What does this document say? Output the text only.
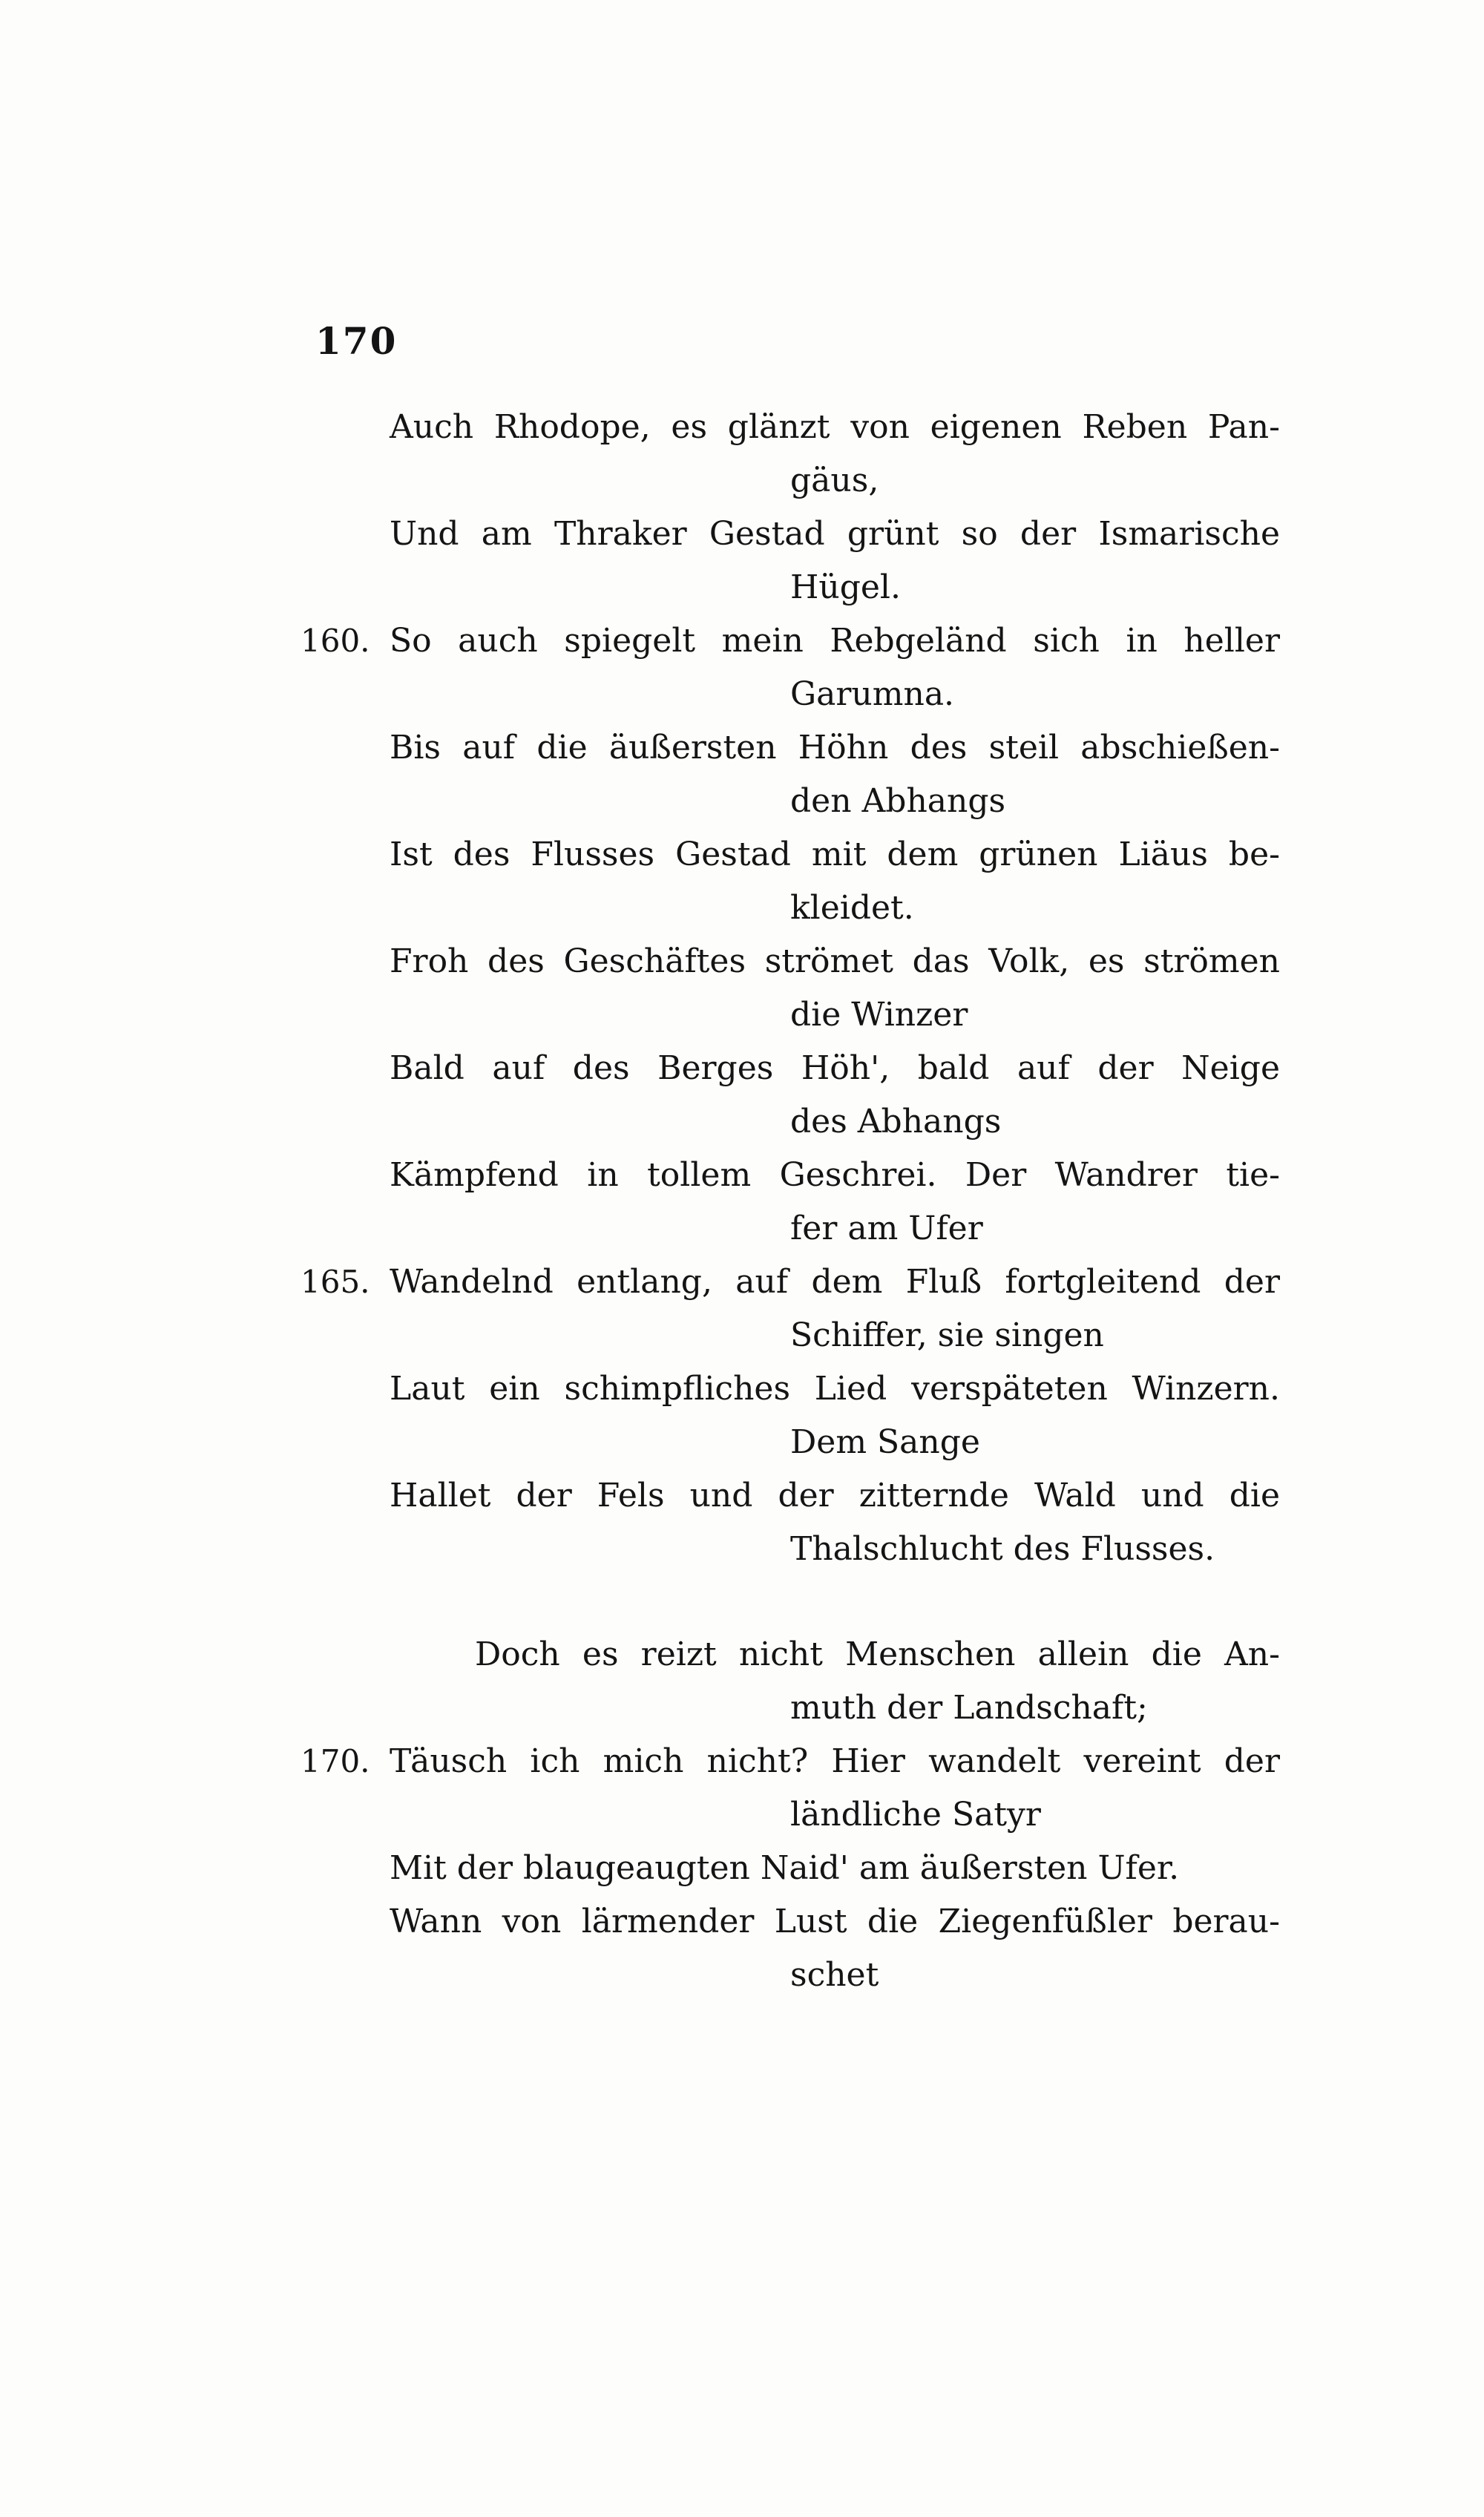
170
Auch Rhodope, es glänzt von eigenen Reben Pan-
gäus,
Und am Thraker Gestad grünt so der Ismarische
Hügel.
160. So auch spiegelt mein Rebgeländ sich in heller
Garumna.
Bis auf die äußersten Höhn des steil abschießen-
den Abhangs
Ist des Flusses Gestad mit dem grünen Liäus be-
kleidet.
Froh des Geschäftes strömet das Volk, es strömen
die Winzer
Bald auf des Berges Höh', bald auf der Neige
des Abhangs
Kämpfend in tollem Geschrei. Der Wandrer tie-
fer am Ufer
165. Wandelnd entlang, auf dem Fluß fortgleitend der
Schiffer, sie singen
Laut ein schimpfliches Lied verspäteten Winzern.
Dem Sange
Hallet der Fels und der zitternde Wald und die
Thalschlucht des Flusses.
Doch es reizt nicht Menschen allein die An-
muth der Landschaft;
170. Täusch ich mich nicht? Hier wandelt vereint der
ländliche Satyr
Mit der blaugeaugten Naid' am äußersten Ufer.
Wann von lärmender Lust die Ziegenfüßler berau-
schet
